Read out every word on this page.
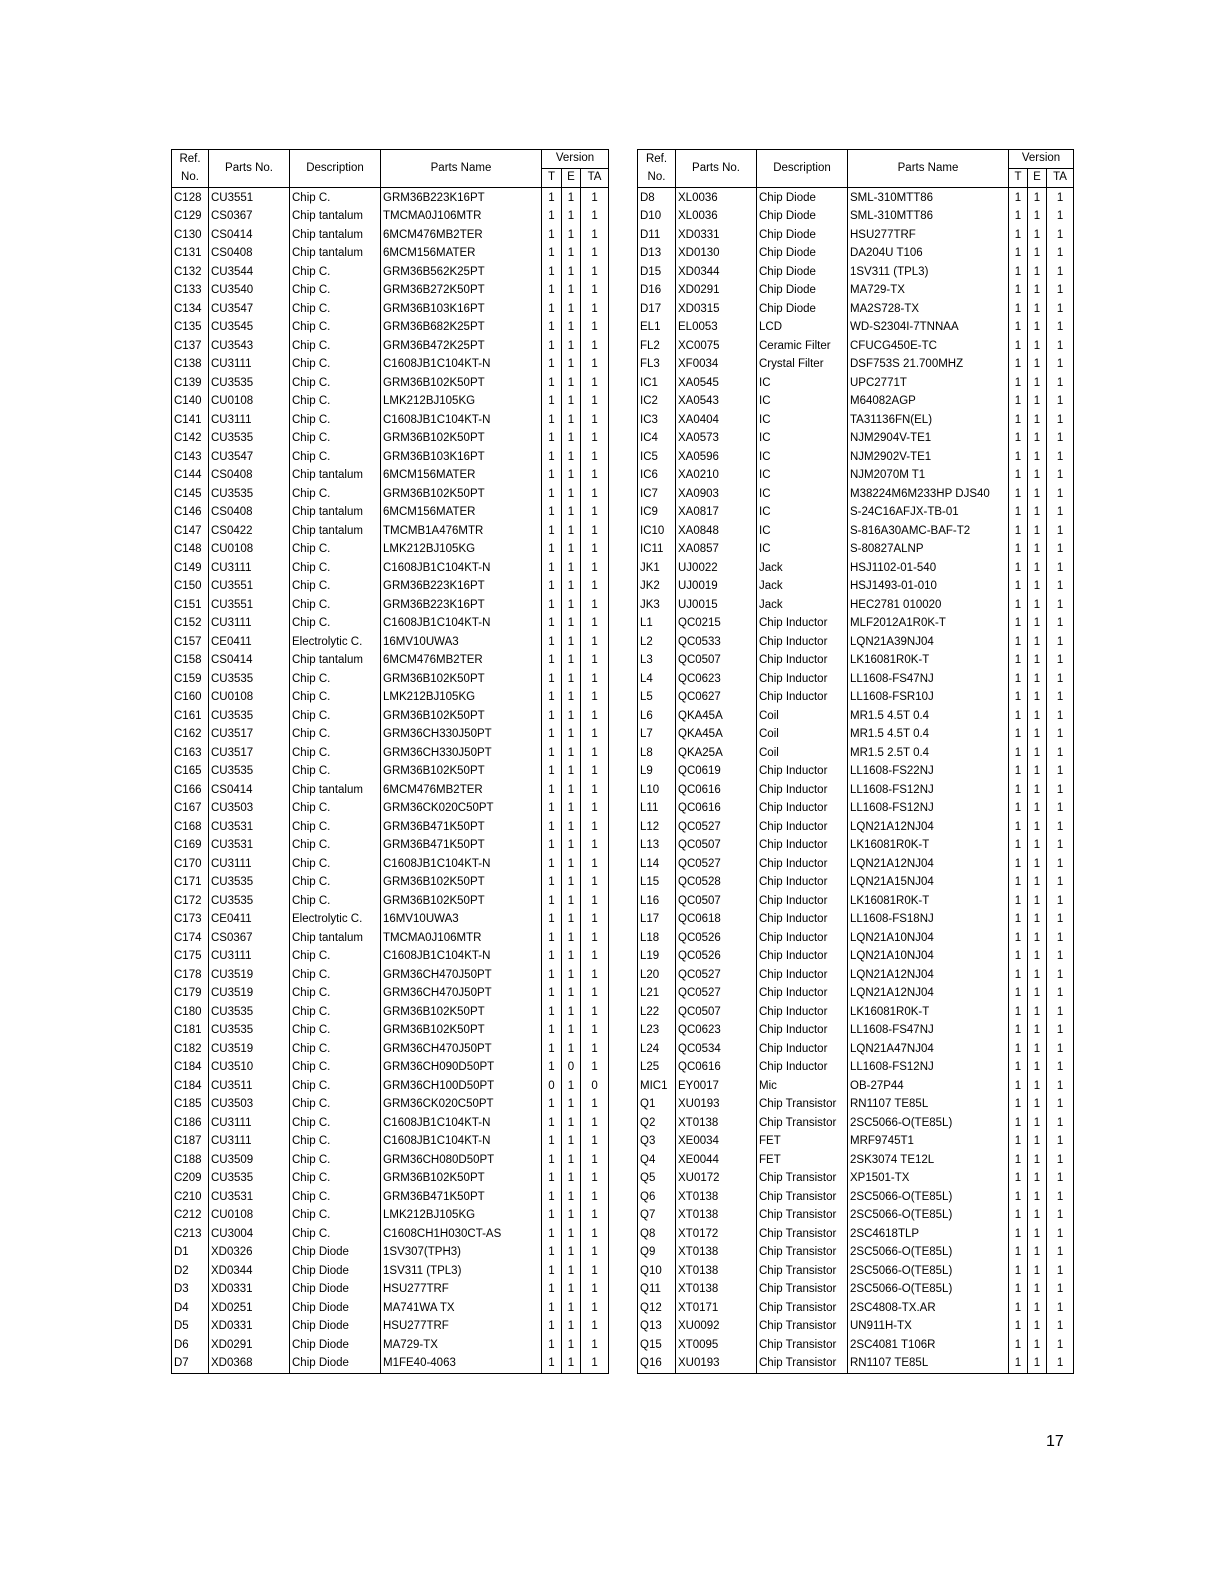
Ref.
No.	Parts No.	Description	Parts Name	Version		
				T	E	TA
C128	CU3551	Chip C.	GRM36B223K16PT	1	1	1
C129	CS0367	Chip tantalum	TMCMA0J106MTR	1	1	1
C130	CS0414	Chip tantalum	6MCM476MB2TER	1	1	1
C131	CS0408	Chip tantalum	6MCM156MATER	1	1	1
C132	CU3544	Chip C.	GRM36B562K25PT	1	1	1
C133	CU3540	Chip C.	GRM36B272K50PT	1	1	1
C134	CU3547	Chip C.	GRM36B103K16PT	1	1	1
C135	CU3545	Chip C.	GRM36B682K25PT	1	1	1
C137	CU3543	Chip C.	GRM36B472K25PT	1	1	1
C138	CU3111	Chip C.	C1608JB1C104KT-N	1	1	1
C139	CU3535	Chip C.	GRM36B102K50PT	1	1	1
C140	CU0108	Chip C.	LMK212BJ105KG	1	1	1
C141	CU3111	Chip C.	C1608JB1C104KT-N	1	1	1
C142	CU3535	Chip C.	GRM36B102K50PT	1	1	1
C143	CU3547	Chip C.	GRM36B103K16PT	1	1	1
C144	CS0408	Chip tantalum	6MCM156MATER	1	1	1
C145	CU3535	Chip C.	GRM36B102K50PT	1	1	1
C146	CS0408	Chip tantalum	6MCM156MATER	1	1	1
C147	CS0422	Chip tantalum	TMCMB1A476MTR	1	1	1
C148	CU0108	Chip C.	LMK212BJ105KG	1	1	1
C149	CU3111	Chip C.	C1608JB1C104KT-N	1	1	1
C150	CU3551	Chip C.	GRM36B223K16PT	1	1	1
C151	CU3551	Chip C.	GRM36B223K16PT	1	1	1
C152	CU3111	Chip C.	C1608JB1C104KT-N	1	1	1
C157	CE0411	Electrolytic C.	16MV10UWA3	1	1	1
C158	CS0414	Chip tantalum	6MCM476MB2TER	1	1	1
C159	CU3535	Chip C.	GRM36B102K50PT	1	1	1
C160	CU0108	Chip C.	LMK212BJ105KG	1	1	1
C161	CU3535	Chip C.	GRM36B102K50PT	1	1	1
C162	CU3517	Chip C.	GRM36CH330J50PT	1	1	1
C163	CU3517	Chip C.	GRM36CH330J50PT	1	1	1
C165	CU3535	Chip C.	GRM36B102K50PT	1	1	1
C166	CS0414	Chip tantalum	6MCM476MB2TER	1	1	1
C167	CU3503	Chip C.	GRM36CK020C50PT	1	1	1
C168	CU3531	Chip C.	GRM36B471K50PT	1	1	1
C169	CU3531	Chip C.	GRM36B471K50PT	1	1	1
C170	CU3111	Chip C.	C1608JB1C104KT-N	1	1	1
C171	CU3535	Chip C.	GRM36B102K50PT	1	1	1
C172	CU3535	Chip C.	GRM36B102K50PT	1	1	1
C173	CE0411	Electrolytic C.	16MV10UWA3	1	1	1
C174	CS0367	Chip tantalum	TMCMA0J106MTR	1	1	1
C175	CU3111	Chip C.	C1608JB1C104KT-N	1	1	1
C178	CU3519	Chip C.	GRM36CH470J50PT	1	1	1
C179	CU3519	Chip C.	GRM36CH470J50PT	1	1	1
C180	CU3535	Chip C.	GRM36B102K50PT	1	1	1
C181	CU3535	Chip C.	GRM36B102K50PT	1	1	1
C182	CU3519	Chip C.	GRM36CH470J50PT	1	1	1
C184	CU3510	Chip C.	GRM36CH090D50PT	1	0	1
C184	CU3511	Chip C.	GRM36CH100D50PT	0	1	0
C185	CU3503	Chip C.	GRM36CK020C50PT	1	1	1
C186	CU3111	Chip C.	C1608JB1C104KT-N	1	1	1
C187	CU3111	Chip C.	C1608JB1C104KT-N	1	1	1
C188	CU3509	Chip C.	GRM36CH080D50PT	1	1	1
C209	CU3535	Chip C.	GRM36B102K50PT	1	1	1
C210	CU3531	Chip C.	GRM36B471K50PT	1	1	1
C212	CU0108	Chip C.	LMK212BJ105KG	1	1	1
C213	CU3004	Chip C.	C1608CH1H030CT-AS	1	1	1
D1	XD0326	Chip Diode	1SV307(TPH3)	1	1	1
D2	XD0344	Chip Diode	1SV311 (TPL3)	1	1	1
D3	XD0331	Chip Diode	HSU277TRF	1	1	1
D4	XD0251	Chip Diode	MA741WA TX	1	1	1
D5	XD0331	Chip Diode	HSU277TRF	1	1	1
D6	XD0291	Chip Diode	MA729-TX	1	1	1
D7	XD0368	Chip Diode	M1FE40-4063	1	1	1
Ref.
No.	Parts No.	Description	Parts Name	Version		
				T	E	TA
D8	XL0036	Chip Diode	SML-310MTT86	1	1	1
D10	XL0036	Chip Diode	SML-310MTT86	1	1	1
D11	XD0331	Chip Diode	HSU277TRF	1	1	1
D13	XD0130	Chip Diode	DA204U T106	1	1	1
D15	XD0344	Chip Diode	1SV311 (TPL3)	1	1	1
D16	XD0291	Chip Diode	MA729-TX	1	1	1
D17	XD0315	Chip Diode	MA2S728-TX	1	1	1
EL1	EL0053	LCD	WD-S2304I-7TNNAA	1	1	1
FL2	XC0075	Ceramic Filter	CFUCG450E-TC	1	1	1
FL3	XF0034	Crystal Filter	DSF753S 21.700MHZ	1	1	1
IC1	XA0545	IC	UPC2771T	1	1	1
IC2	XA0543	IC	M64082AGP	1	1	1
IC3	XA0404	IC	TA31136FN(EL)	1	1	1
IC4	XA0573	IC	NJM2904V-TE1	1	1	1
IC5	XA0596	IC	NJM2902V-TE1	1	1	1
IC6	XA0210	IC	NJM2070M T1	1	1	1
IC7	XA0903	IC	M38224M6M233HP DJS40	1	1	1
IC9	XA0817	IC	S-24C16AFJX-TB-01	1	1	1
IC10	XA0848	IC	S-816A30AMC-BAF-T2	1	1	1
IC11	XA0857	IC	S-80827ALNP	1	1	1
JK1	UJ0022	Jack	HSJ1102-01-540	1	1	1
JK2	UJ0019	Jack	HSJ1493-01-010	1	1	1
JK3	UJ0015	Jack	HEC2781 010020	1	1	1
L1	QC0215	Chip Inductor	MLF2012A1R0K-T	1	1	1
L2	QC0533	Chip Inductor	LQN21A39NJ04	1	1	1
L3	QC0507	Chip Inductor	LK16081R0K-T	1	1	1
L4	QC0623	Chip Inductor	LL1608-FS47NJ	1	1	1
L5	QC0627	Chip Inductor	LL1608-FSR10J	1	1	1
L6	QKA45A	Coil	MR1.5 4.5T 0.4	1	1	1
L7	QKA45A	Coil	MR1.5 4.5T 0.4	1	1	1
L8	QKA25A	Coil	MR1.5 2.5T 0.4	1	1	1
L9	QC0619	Chip Inductor	LL1608-FS22NJ	1	1	1
L10	QC0616	Chip Inductor	LL1608-FS12NJ	1	1	1
L11	QC0616	Chip Inductor	LL1608-FS12NJ	1	1	1
L12	QC0527	Chip Inductor	LQN21A12NJ04	1	1	1
L13	QC0507	Chip Inductor	LK16081R0K-T	1	1	1
L14	QC0527	Chip Inductor	LQN21A12NJ04	1	1	1
L15	QC0528	Chip Inductor	LQN21A15NJ04	1	1	1
L16	QC0507	Chip Inductor	LK16081R0K-T	1	1	1
L17	QC0618	Chip Inductor	LL1608-FS18NJ	1	1	1
L18	QC0526	Chip Inductor	LQN21A10NJ04	1	1	1
L19	QC0526	Chip Inductor	LQN21A10NJ04	1	1	1
L20	QC0527	Chip Inductor	LQN21A12NJ04	1	1	1
L21	QC0527	Chip Inductor	LQN21A12NJ04	1	1	1
L22	QC0507	Chip Inductor	LK16081R0K-T	1	1	1
L23	QC0623	Chip Inductor	LL1608-FS47NJ	1	1	1
L24	QC0534	Chip Inductor	LQN21A47NJ04	1	1	1
L25	QC0616	Chip Inductor	LL1608-FS12NJ	1	1	1
MIC1	EY0017	Mic	OB-27P44	1	1	1
Q1	XU0193	Chip Transistor	RN1107 TE85L	1	1	1
Q2	XT0138	Chip Transistor	2SC5066-O(TE85L)	1	1	1
Q3	XE0034	FET	MRF9745T1	1	1	1
Q4	XE0044	FET	2SK3074 TE12L	1	1	1
Q5	XU0172	Chip Transistor	XP1501-TX	1	1	1
Q6	XT0138	Chip Transistor	2SC5066-O(TE85L)	1	1	1
Q7	XT0138	Chip Transistor	2SC5066-O(TE85L)	1	1	1
Q8	XT0172	Chip Transistor	2SC4618TLP	1	1	1
Q9	XT0138	Chip Transistor	2SC5066-O(TE85L)	1	1	1
Q10	XT0138	Chip Transistor	2SC5066-O(TE85L)	1	1	1
Q11	XT0138	Chip Transistor	2SC5066-O(TE85L)	1	1	1
Q12	XT0171	Chip Transistor	2SC4808-TX.AR	1	1	1
Q13	XU0092	Chip Transistor	UN911H-TX	1	1	1
Q15	XT0095	Chip Transistor	2SC4081 T106R	1	1	1
Q16	XU0193	Chip Transistor	RN1107 TE85L	1	1	1
17
